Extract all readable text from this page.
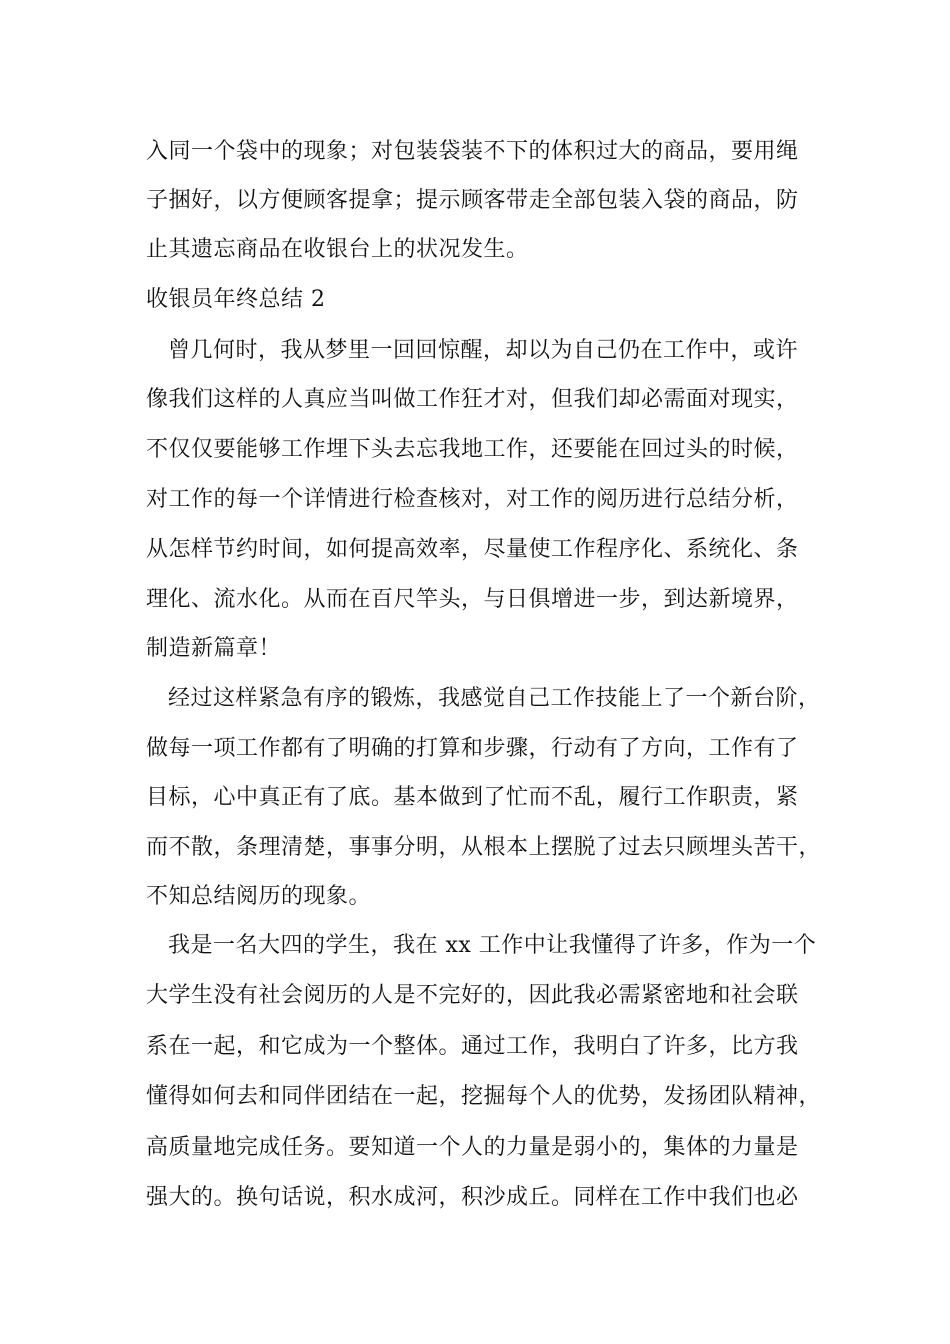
入同一个袋中的现象；对包装袋装不下的体积过大的商品，要用绳
子捆好，以方便顾客提拿；提示顾客带走全部包装入袋的商品，防
止其遗忘商品在收银台上的状况发生。
收银员年终总结 2
曾几何时，我从梦里一回回惊醒，却以为自己仍在工作中，或许
像我们这样的人真应当叫做工作狂才对，但我们却必需面对现实，
不仅仅要能够工作埋下头去忘我地工作，还要能在回过头的时候，
对工作的每一个详情进行检查核对，对工作的阅历进行总结分析，
从怎样节约时间，如何提高效率，尽量使工作程序化、系统化、条
理化、流水化。从而在百尺竿头，与日俱增进一步，到达新境界，
制造新篇章！
经过这样紧急有序的锻炼，我感觉自己工作技能上了一个新台阶，
做每一项工作都有了明确的打算和步骤，行动有了方向，工作有了
目标，心中真正有了底。基本做到了忙而不乱，履行工作职责，紧
而不散，条理清楚，事事分明，从根本上摆脱了过去只顾埋头苦干，
不知总结阅历的现象。
我是一名大四的学生，我在 xx 工作中让我懂得了许多，作为一个
大学生没有社会阅历的人是不完好的，因此我必需紧密地和社会联
系在一起，和它成为一个整体。通过工作，我明白了许多，比方我
懂得如何去和同伴团结在一起，挖掘每个人的优势，发扬团队精神，
高质量地完成任务。要知道一个人的力量是弱小的，集体的力量是
强大的。换句话说，积水成河，积沙成丘。同样在工作中我们也必
